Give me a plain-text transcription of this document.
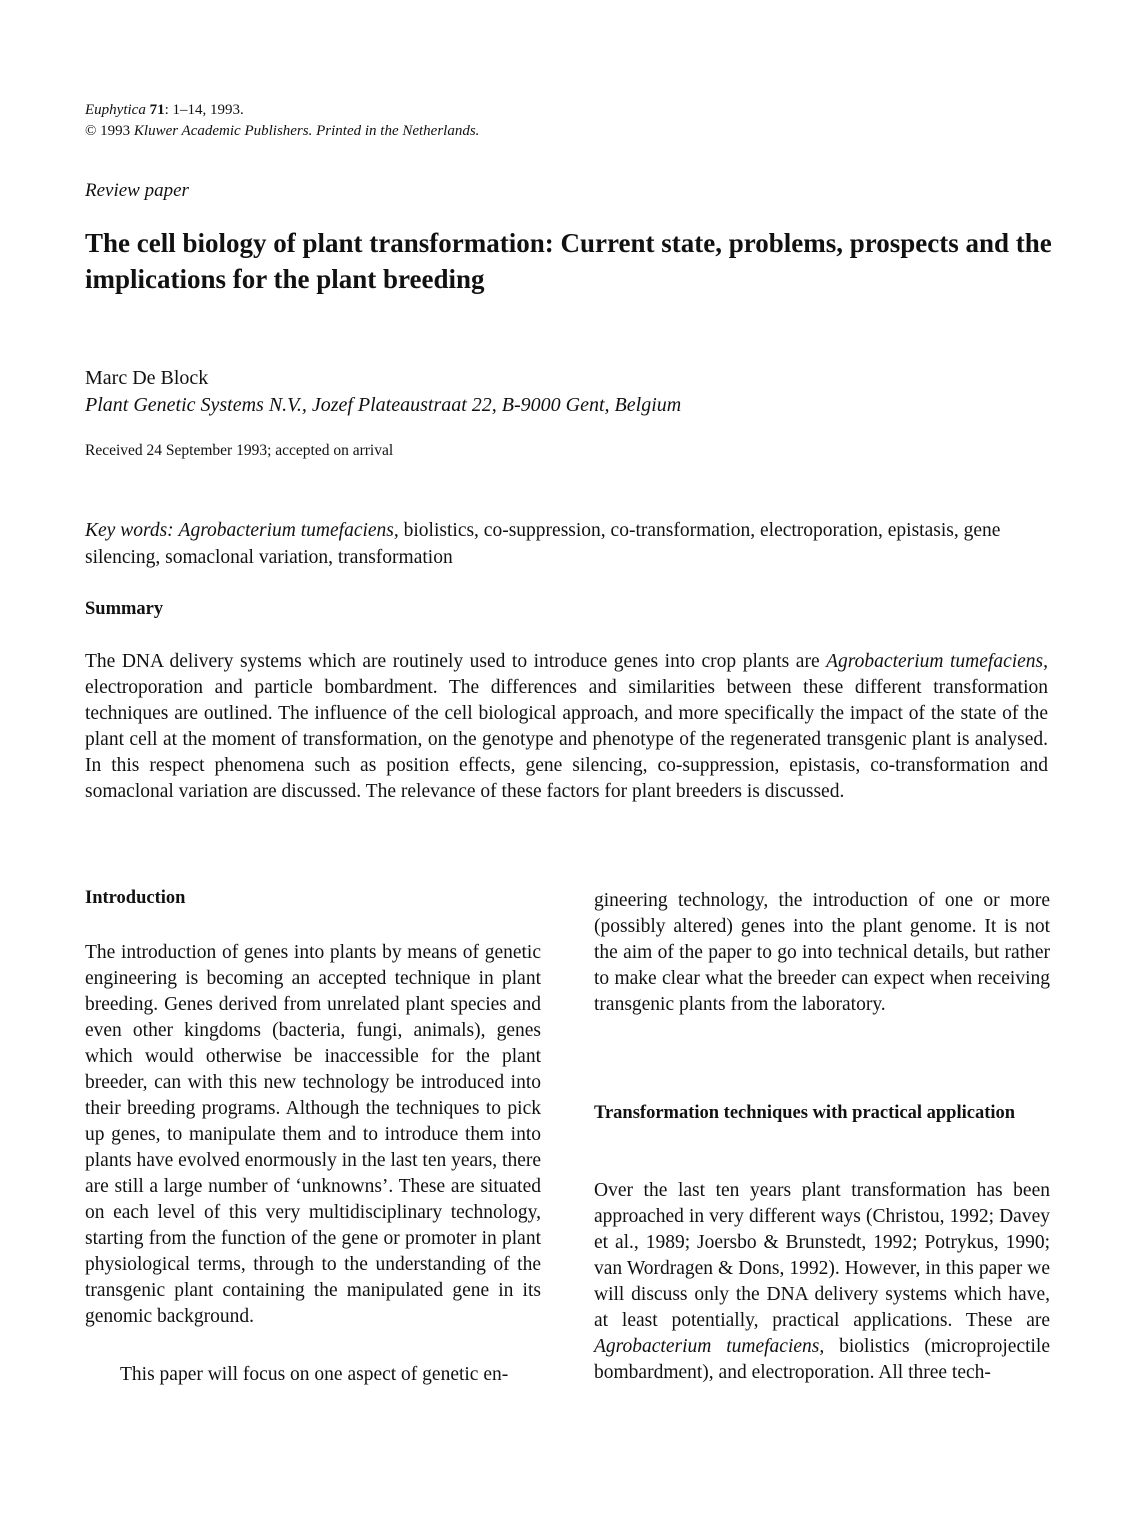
Euphytica 71: 1–14, 1993.
© 1993 Kluwer Academic Publishers. Printed in the Netherlands.
Review paper
The cell biology of plant transformation: Current state, problems, prospects and the implications for the plant breeding
Marc De Block
Plant Genetic Systems N.V., Jozef Plateaustraat 22, B-9000 Gent, Belgium
Received 24 September 1993; accepted on arrival
Key words: Agrobacterium tumefaciens, biolistics, co-suppression, co-transformation, electroporation, epistasis, gene silencing, somaclonal variation, transformation
Summary

The DNA delivery systems which are routinely used to introduce genes into crop plants are Agrobacterium tumefaciens, electroporation and particle bombardment. The differences and similarities between these different transformation techniques are outlined. The influence of the cell biological approach, and more specifically the impact of the state of the plant cell at the moment of transformation, on the genotype and phenotype of the regenerated transgenic plant is analysed. In this respect phenomena such as position effects, gene silencing, co-suppression, epistasis, co-transformation and somaclonal variation are discussed. The relevance of these factors for plant breeders is discussed.

Introduction

The introduction of genes into plants by means of genetic engineering is becoming an accepted technique in plant breeding. Genes derived from unrelated plant species and even other kingdoms (bacteria, fungi, animals), genes which would otherwise be inaccessible for the plant breeder, can with this new technology be introduced into their breeding programs. Although the techniques to pick up genes, to manipulate them and to introduce them into plants have evolved enormously in the last ten years, there are still a large number of ‘unknowns’. These are situated on each level of this very multidisciplinary technology, starting from the function of the gene or promoter in plant physiological terms, through to the understanding of the transgenic plant containing the manipulated gene in its genomic background.

This paper will focus on one aspect of genetic en-

gineering technology, the introduction of one or more (possibly altered) genes into the plant genome. It is not the aim of the paper to go into technical details, but rather to make clear what the breeder can expect when receiving transgenic plants from the laboratory.

Transformation techniques with practical application

Over the last ten years plant transformation has been approached in very different ways (Christou, 1992; Davey et al., 1989; Joersbo & Brunstedt, 1992; Potrykus, 1990; van Wordragen & Dons, 1992). However, in this paper we will discuss only the DNA delivery systems which have, at least potentially, practical applications. These are Agrobacterium tumefaciens, biolistics (microprojectile bombardment), and electroporation. All three tech-
